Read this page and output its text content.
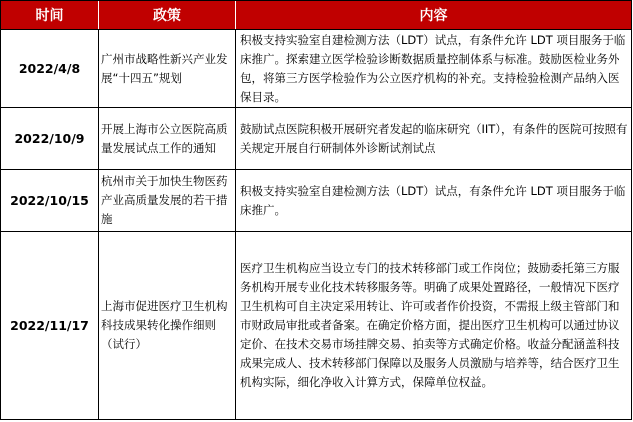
时间	政策	内容
2022/4/8	广州市战略性新兴产业发展“十四五”规划	积极支持实验室自建检测方法（LDT）试点，有条件允许 LDT 项目服务于临床推广。探索建立医学检验诊断数据质量控制体系与标准。鼓励医检业务外包，将第三方医学检验作为公立医疗机构的补充。支持检验检测产品纳入医保目录。
2022/10/9	开展上海市公立医院高质量发展试点工作的通知	鼓励试点医院积极开展研究者发起的临床研究（IIT），有条件的医院可按照有关规定开展自行研制体外诊断试剂试点
2022/10/15	杭州市关于加快生物医药产业高质量发展的若干措施	积极支持实验室自建检测方法（LDT）试点，有条件允许 LDT 项目服务于临床推广。
2022/11/17	上海市促进医疗卫生机构科技成果转化操作细则（试行）	医疗卫生机构应当设立专门的技术转移部门或工作岗位；鼓励委托第三方服务机构开展专业化技术转移服务等。明确了成果处置路径，一般情况下医疗卫生机构可自主决定采用转让、许可或者作价投资，不需报上级主管部门和市财政局审批或者备案。在确定价格方面，提出医疗卫生机构可以通过协议定价、在技术交易市场挂牌交易、拍卖等方式确定价格。收益分配涵盖科技成果完成人、技术转移部门保障以及服务人员激励与培养等，结合医疗卫生机构实际，细化净收入计算方式，保障单位权益。
